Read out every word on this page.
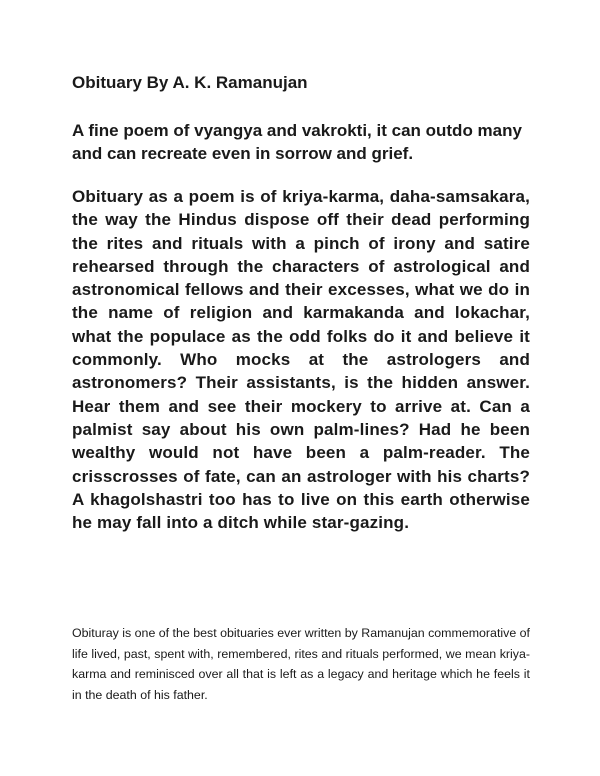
Obituary By A. K. Ramanujan

A fine poem of vyangya and vakrokti, it can outdo many and can recreate even in sorrow and grief.

Obituary as a poem is of kriya-karma, daha-samsakara, the way the Hindus dispose off their dead performing the rites and rituals with a pinch of irony and satire rehearsed through the characters of astrological and astronomical fellows and their excesses, what we do in the name of religion and karmakanda and lokachar, what the populace as the odd folks do it and believe it commonly. Who mocks at the astrologers and astronomers? Their assistants, is the hidden answer. Hear them and see their mockery to arrive at. Can a palmist say about his own palm-lines? Had he been wealthy would not have been a palm-reader. The crisscrosses of fate, can an astrologer with his charts? A khagolshastri too has to live on this earth otherwise he may fall into a ditch while star-gazing.

Obituray is one of the best obituaries ever written by Ramanujan commemorative of life lived, past, spent with, remembered, rites and rituals performed, we mean kriya-karma and reminisced over all that is left as a legacy and heritage which he feels it in the death of his father.
